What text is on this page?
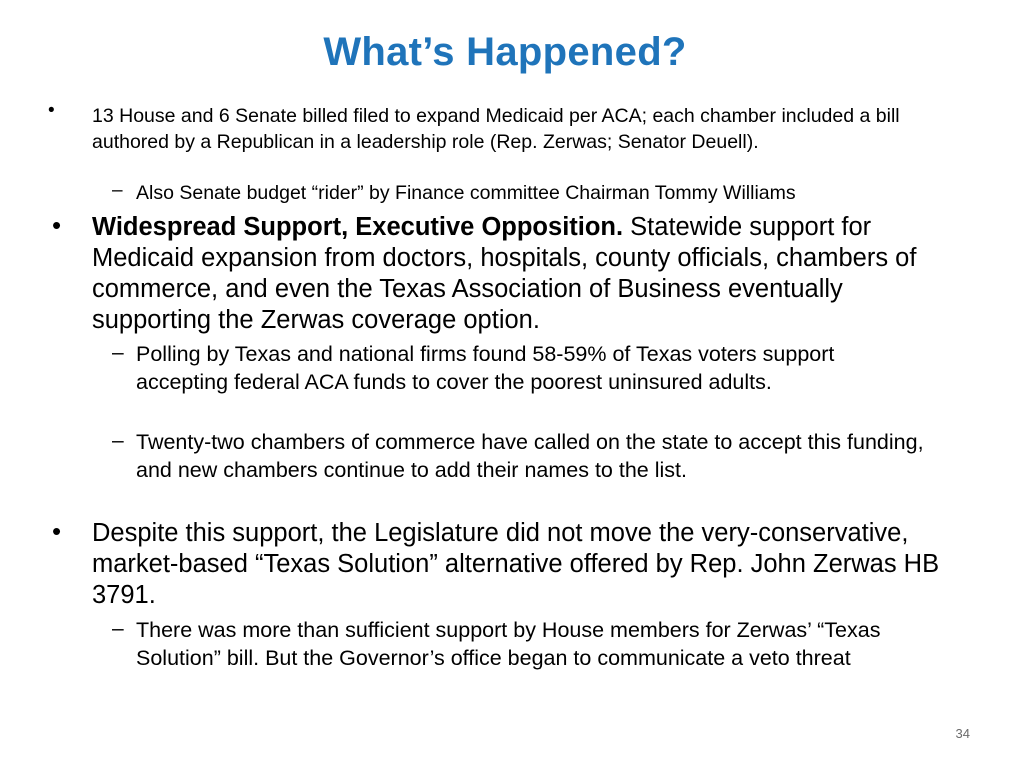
What’s Happened?
• 13 House and 6 Senate billed filed to expand Medicaid per ACA; each chamber included a bill authored by a Republican in a leadership role (Rep. Zerwas; Senator Deuell).
– Also Senate budget “rider” by Finance committee Chairman Tommy Williams
• Widespread Support, Executive Opposition. Statewide support for Medicaid expansion from doctors, hospitals, county officials, chambers of commerce, and even the Texas Association of Business eventually supporting the Zerwas coverage option.
– Polling by Texas and national firms found 58-59% of Texas voters support accepting federal ACA funds to cover the poorest uninsured adults.
– Twenty-two chambers of commerce have called on the state to accept this funding, and new chambers continue to add their names to the list.
• Despite this support, the Legislature did not move the very-conservative, market-based “Texas Solution” alternative offered by Rep. John Zerwas HB 3791.
– There was more than sufficient support by House members for Zerwas’ “Texas Solution” bill. But the Governor’s office began to communicate a veto threat
34
